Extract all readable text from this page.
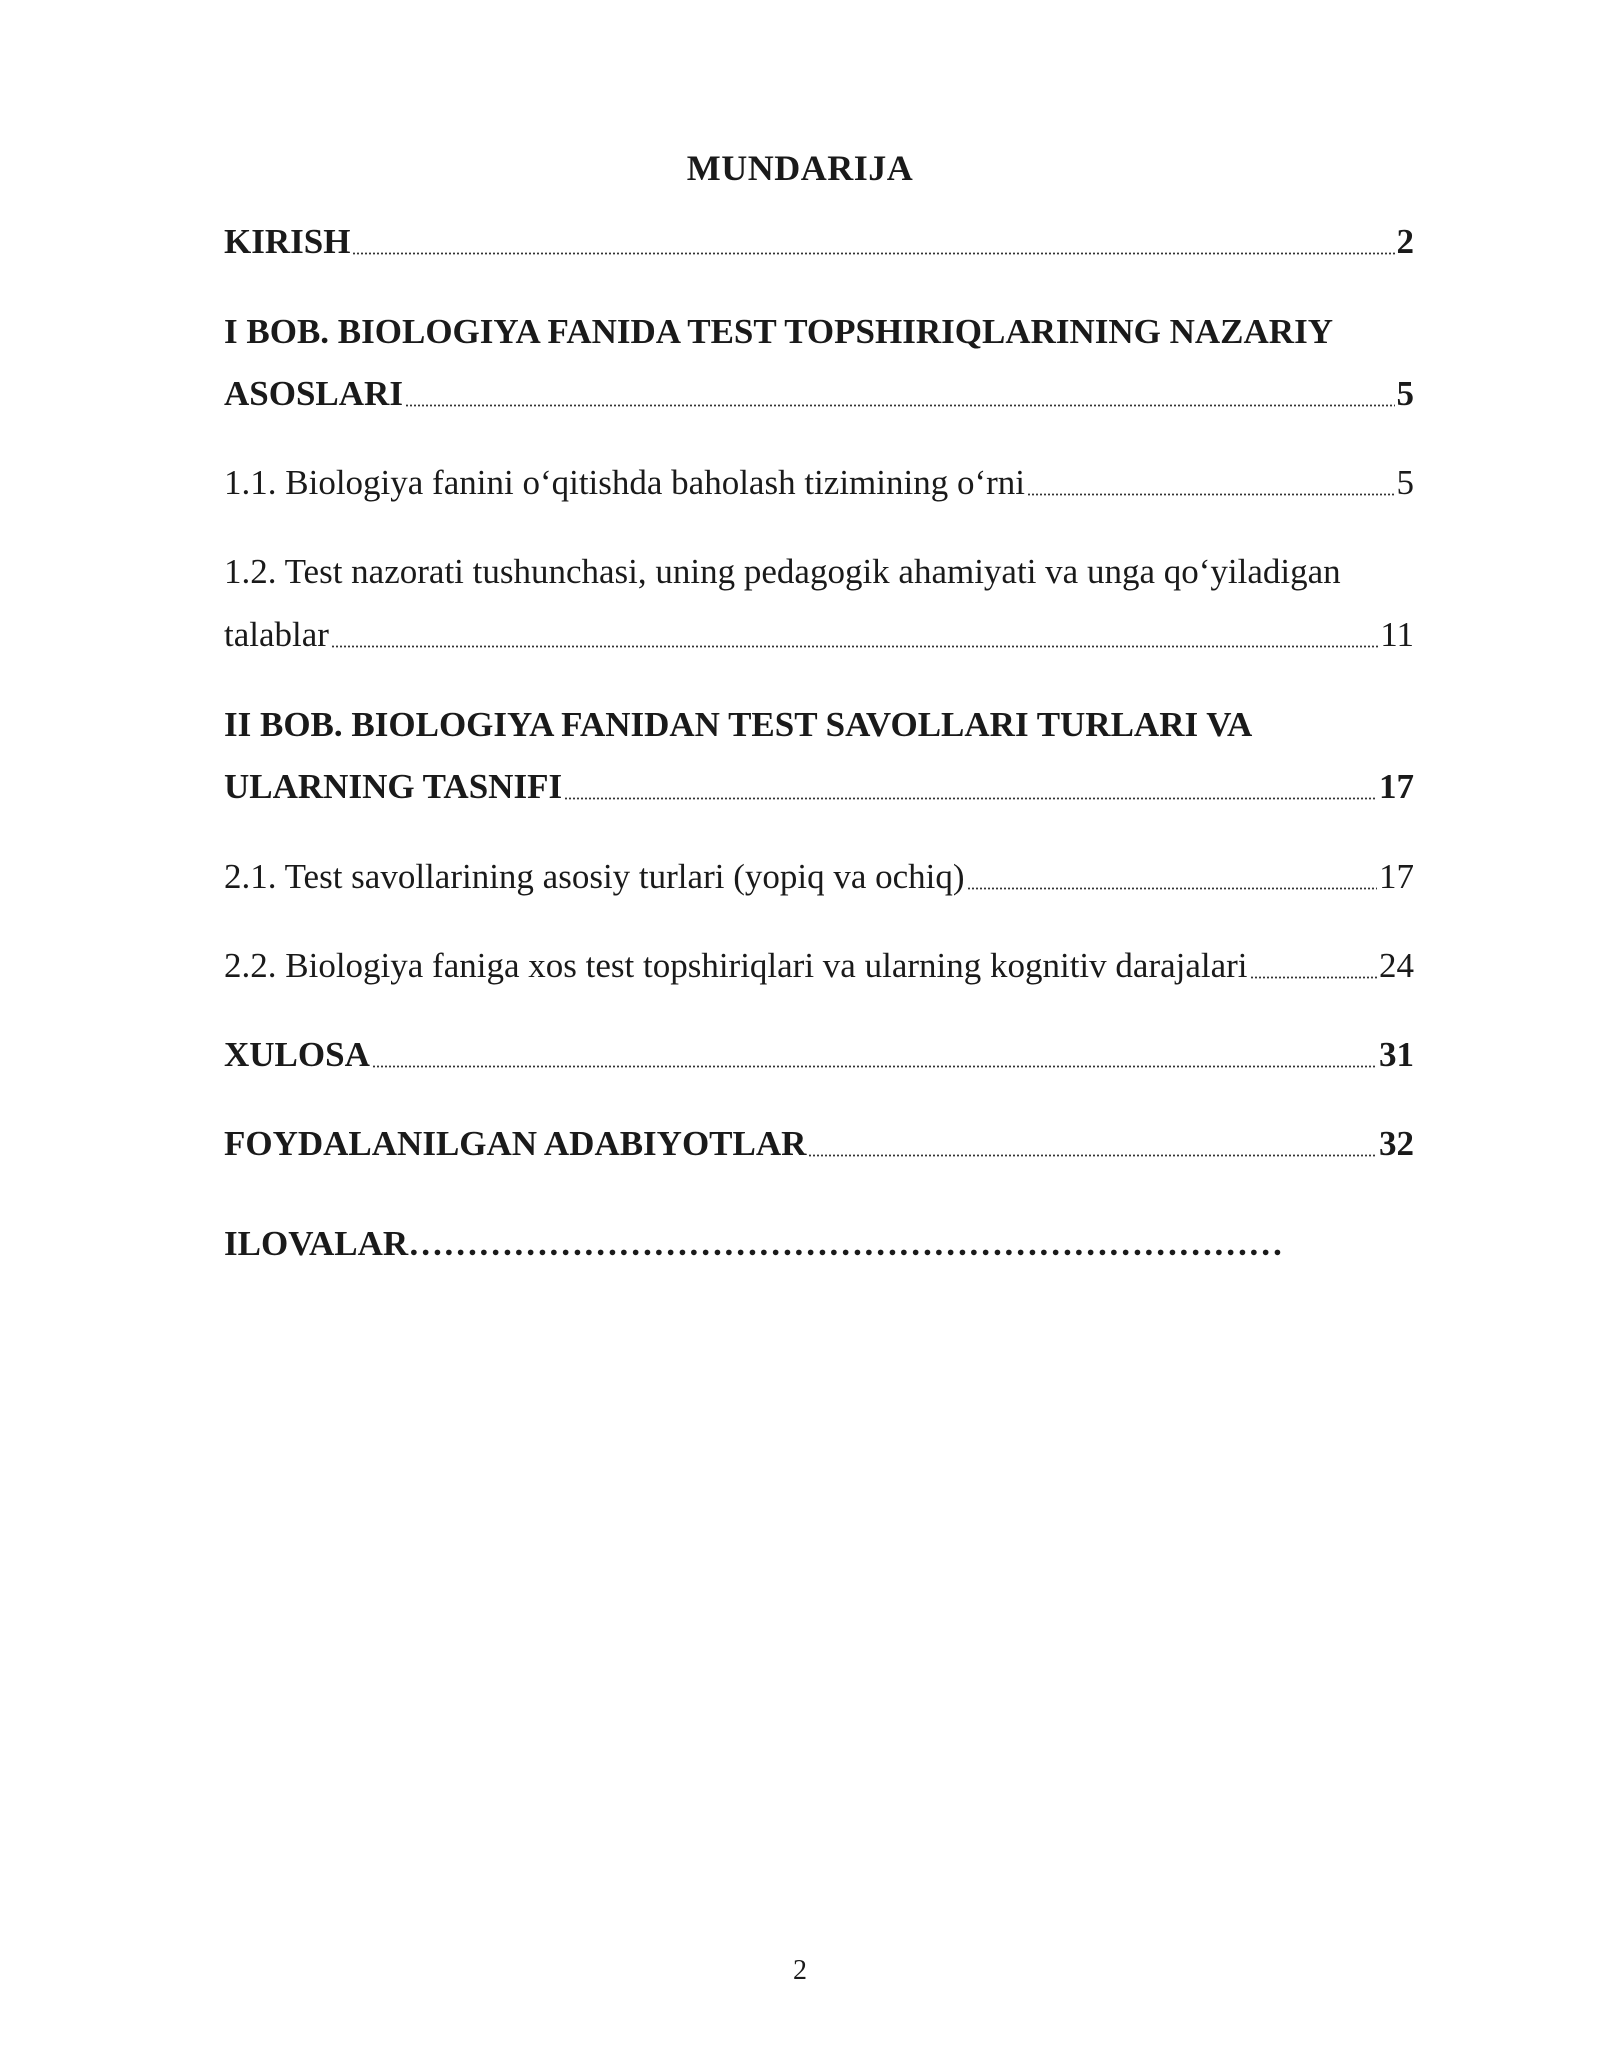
MUNDARIJA
KIRISH	2
I BOB. BIOLOGIYA FANIDA TEST TOPSHIRIQLARINING NAZARIY
ASOSLARI	5
1.1. Biologiya fanini o‘qitishda baholash tizimining o‘rni	5
1.2. Test nazorati tushunchasi, uning pedagogik ahamiyati va unga qo‘yiladigan
talablar	11
II BOB. BIOLOGIYA FANIDAN TEST SAVOLLARI TURLARI VA
ULARNING TASNIFI	17
2.1. Test savollarining asosiy turlari (yopiq va ochiq)	17
2.2. Biologiya faniga xos test topshiriqlari va ularning kognitiv darajalari	24
XULOSA	31
FOYDALANILGAN ADABIYOTLAR	32
ILOVALAR…………………………………………………………………
2
